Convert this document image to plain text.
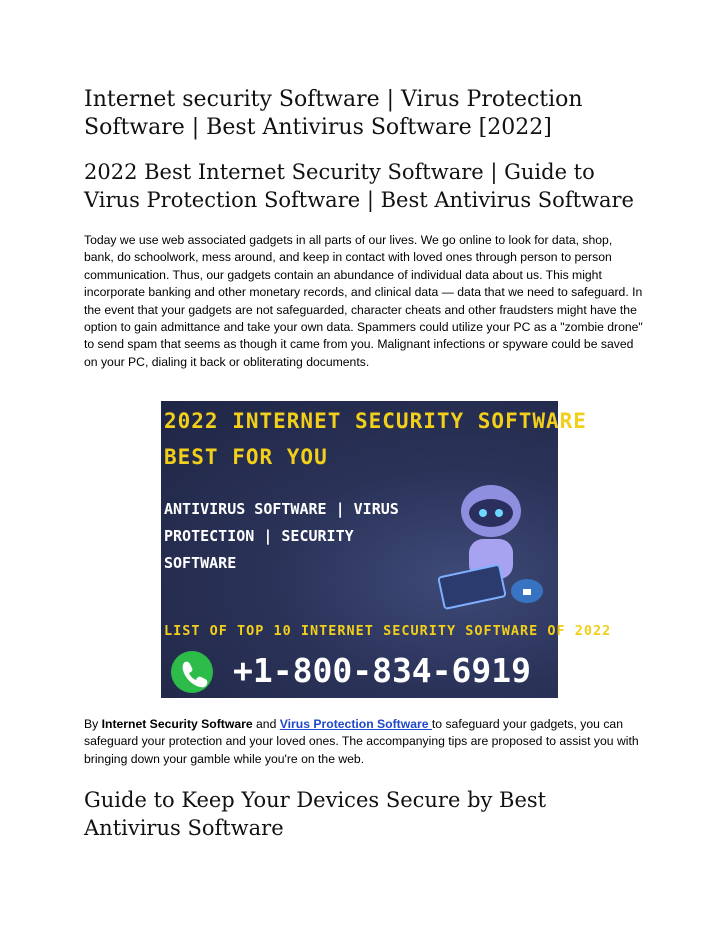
Internet security Software | Virus Protection Software | Best Antivirus Software [2022]
2022 Best Internet Security Software | Guide to Virus Protection Software | Best Antivirus Software

Today we use web associated gadgets in all parts of our lives. We go online to look for data, shop, bank, do schoolwork, mess around, and keep in contact with loved ones through person to person communication. Thus, our gadgets contain an abundance of individual data about us. This might incorporate banking and other monetary records, and clinical data — data that we need to safeguard. In the event that your gadgets are not safeguarded, character cheats and other fraudsters might have the option to gain admittance and take your own data. Spammers could utilize your PC as a "zombie drone" to send spam that seems as though it came from you. Malignant infections or spyware could be saved on your PC, dialing it back or obliterating documents.

2022 INTERNET SECURITY SOFTWARE
BEST FOR YOU
ANTIVIRUS SOFTWARE | VIRUS
PROTECTION | SECURITY
SOFTWARE
LIST OF TOP 10 INTERNET SECURITY SOFTWARE OF 2022
+1-800-834-6919

By Internet Security Software and Virus Protection Software to safeguard your gadgets, you can safeguard your protection and your loved ones. The accompanying tips are proposed to assist you with bringing down your gamble while you're on the web.

Guide to Keep Your Devices Secure by Best Antivirus Software
